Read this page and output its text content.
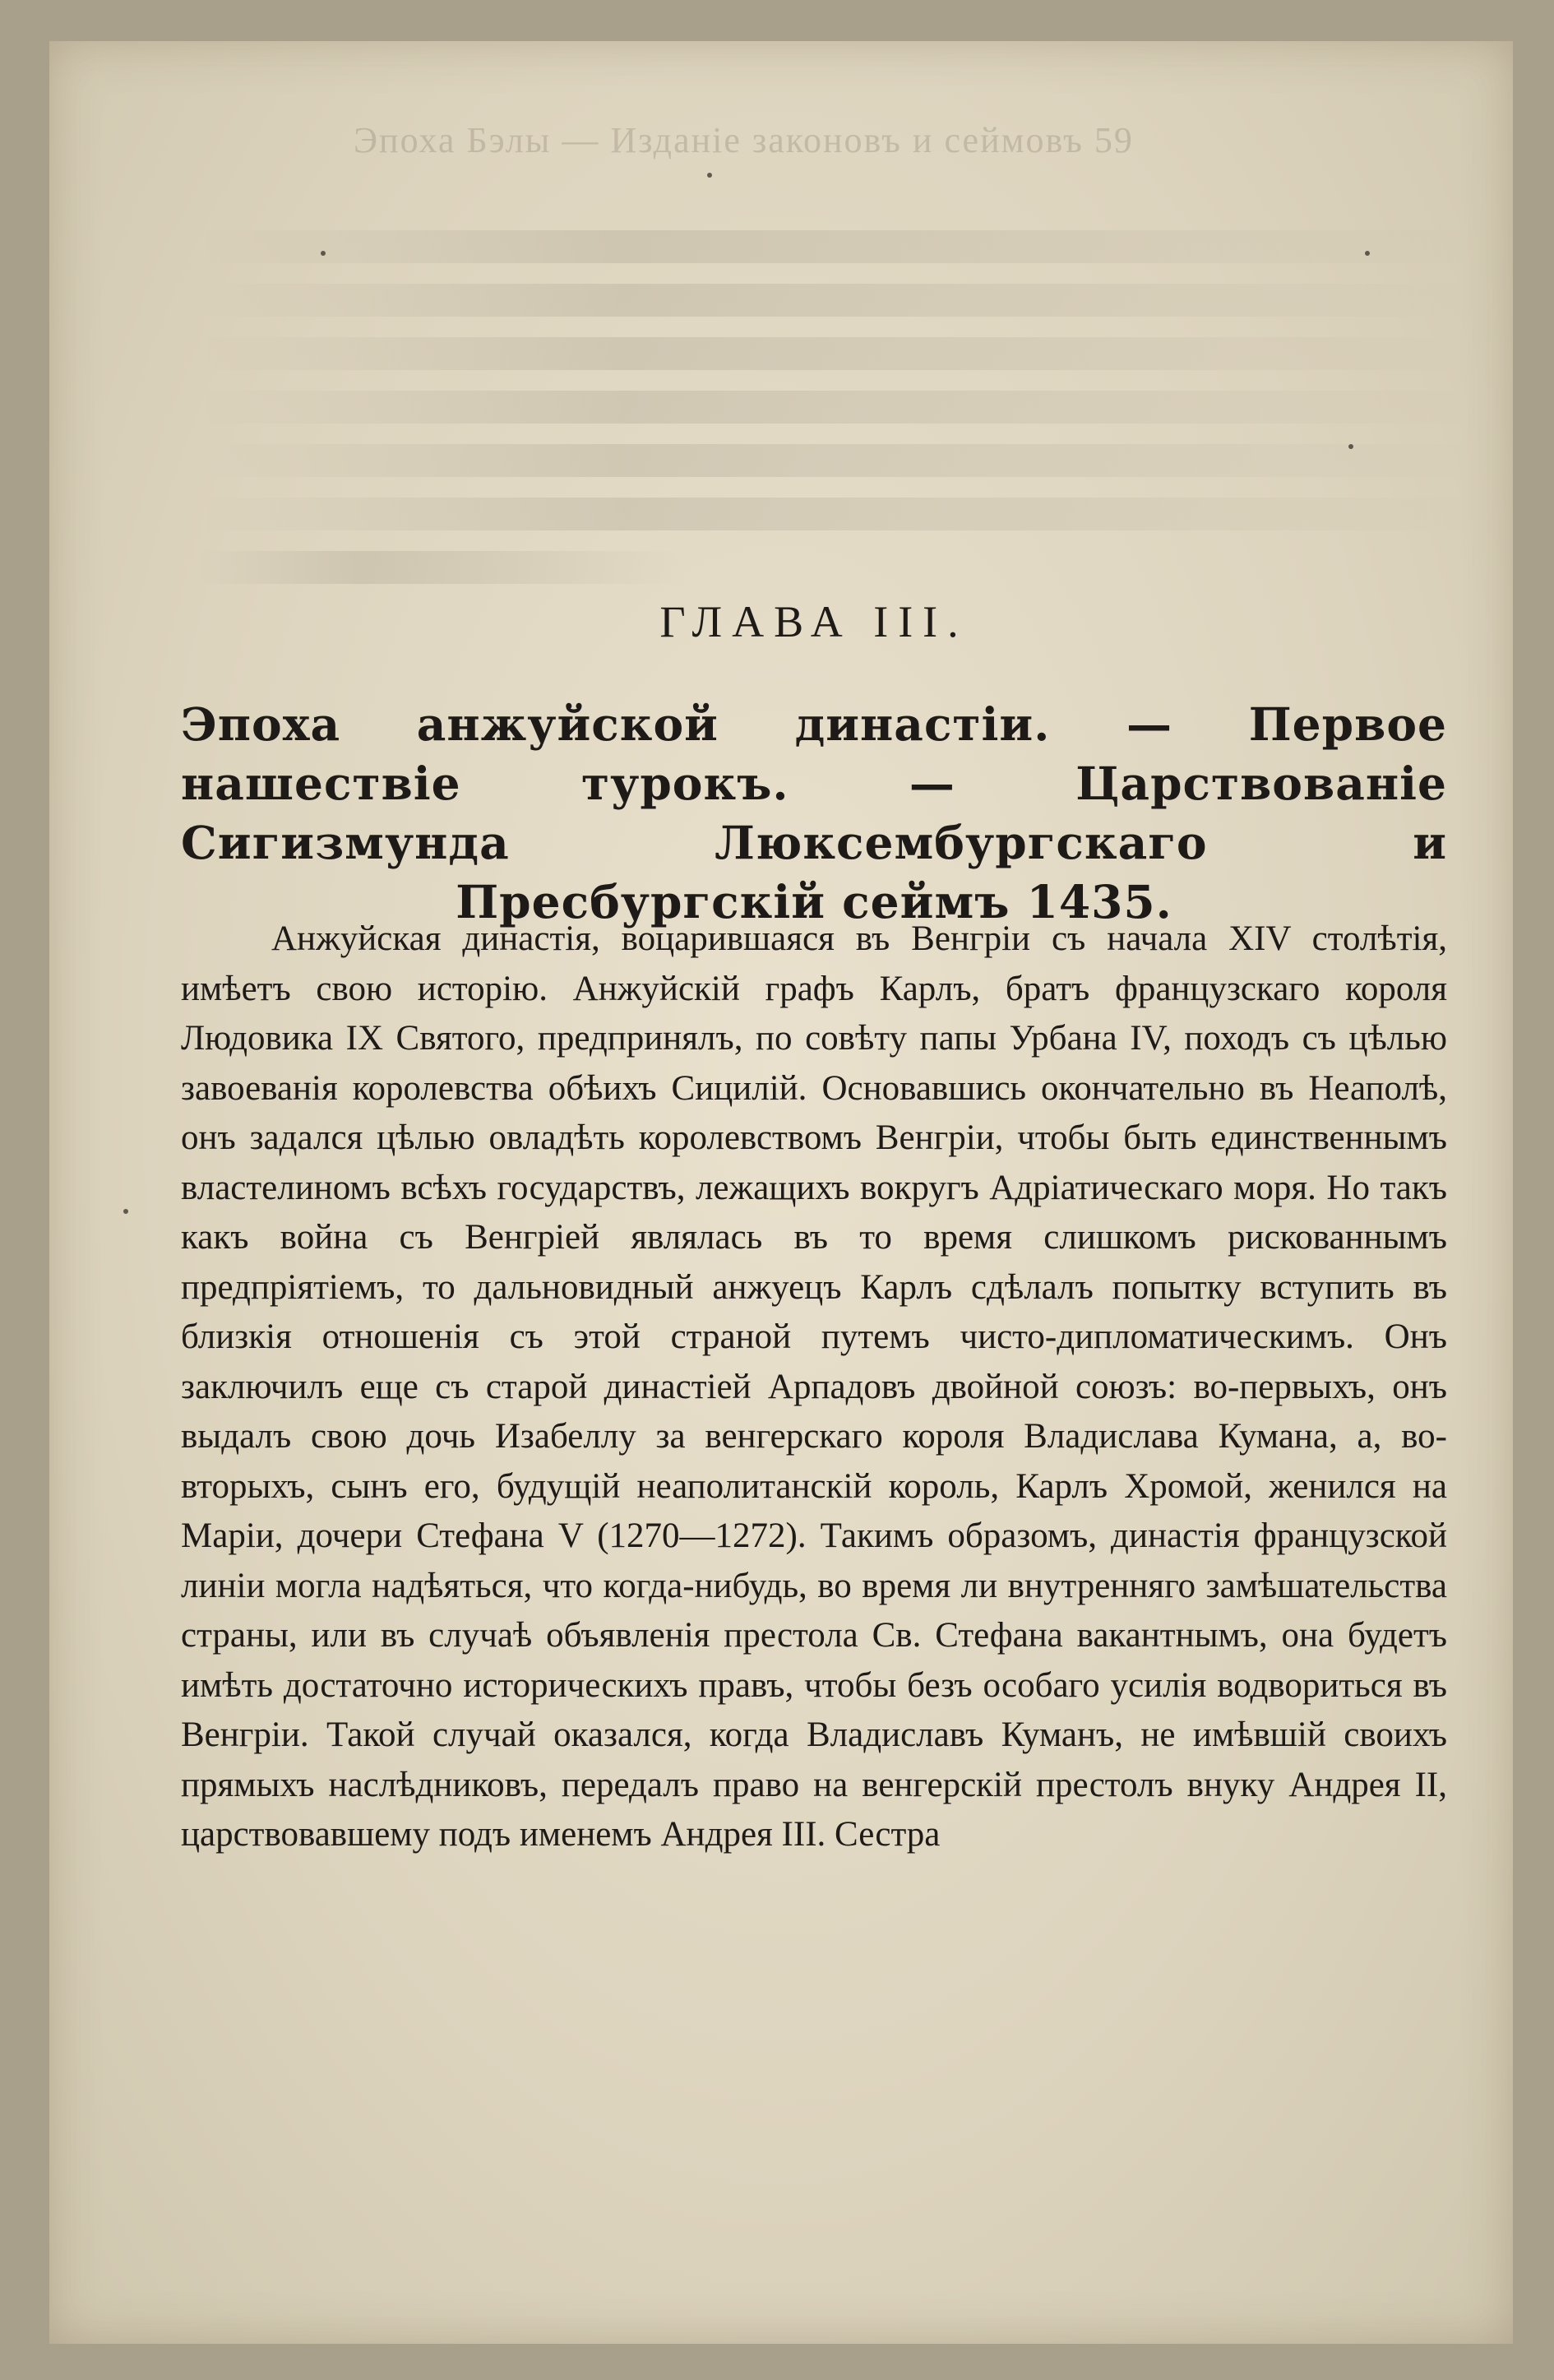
Эпоха Бэлы — Изданіе законовъ и сеймовъ 59
ГЛАВА III.
Эпоха анжуйской династіи. — Первое нашествіе турокъ. — Царствованіе Сигизмунда Люксембургскаго и Пресбургскій сеймъ 1435.
Анжуйская династія, воцарившаяся въ Венгріи съ начала XIV столѣтія, имѣетъ свою исторію. Анжуйскій графъ Карлъ, братъ французскаго короля Людовика IX Святого, предпринялъ, по совѣту папы Урбана IV, походъ съ цѣлью завоеванія королевства обѣихъ Сицилій. Основавшись окончательно въ Неаполѣ, онъ задался цѣлью овладѣть королевствомъ Венгріи, чтобы быть единственнымъ властелиномъ всѣхъ государствъ, лежащихъ вокругъ Адріатическаго моря. Но такъ какъ война съ Венгріей являлась въ то время слишкомъ рискованнымъ предпріятіемъ, то дальновидный анжуецъ Карлъ сдѣлалъ попытку вступить въ близкія отношенія съ этой страной путемъ чисто-дипломатическимъ. Онъ заключилъ еще съ старой династіей Арпадовъ двойной союзъ: во-первыхъ, онъ выдалъ свою дочь Изабеллу за венгерскаго короля Владислава Кумана, а, во-вторыхъ, сынъ его, будущій неаполитанскій король, Карлъ Хромой, женился на Маріи, дочери Стефана V (1270—1272). Такимъ образомъ, династія французской линіи могла надѣяться, что когда-нибудь, во время ли внутренняго замѣшательства страны, или въ случаѣ объявленія престола Св. Стефана вакантнымъ, она будетъ имѣть достаточно историческихъ правъ, чтобы безъ особаго усилія водвориться въ Венгріи. Такой случай оказался, когда Владиславъ Куманъ, не имѣвшій своихъ прямыхъ наслѣдниковъ, передалъ право на венгерскій престолъ внуку Андрея II, царствовавшему подъ именемъ Андрея III. Сестра
